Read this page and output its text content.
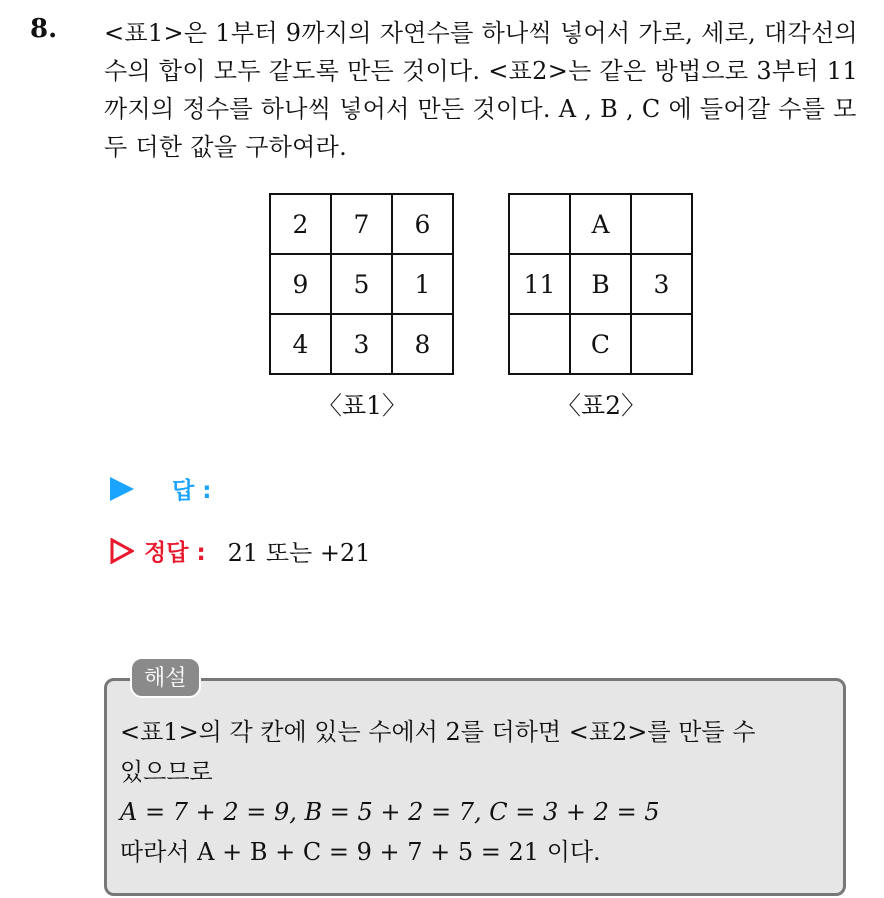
8. <표1>은 1부터 9까지의 자연수를 하나씩 넣어서 가로, 세로, 대각선의 수의 합이 모두 같도록 만든 것이다. <표2>는 같은 방법으로 3부터 11까지의 정수를 하나씩 넣어서 만든 것이다. A , B , C 에 들어갈 수를 모두 더한 값을 구하여라.
2	7	6
9	5	1
4	3	8
〈표1〉
	A	
11	B	3
	C	
〈표2〉
답 :
정답 : 21 또는 +21
해설
<표1>의 각 칸에 있는 수에서 2를 더하면 <표2>를 만들 수
있으므로
A = 7 + 2 = 9, B = 5 + 2 = 7, C = 3 + 2 = 5
따라서 A + B + C = 9 + 7 + 5 = 21 이다.
